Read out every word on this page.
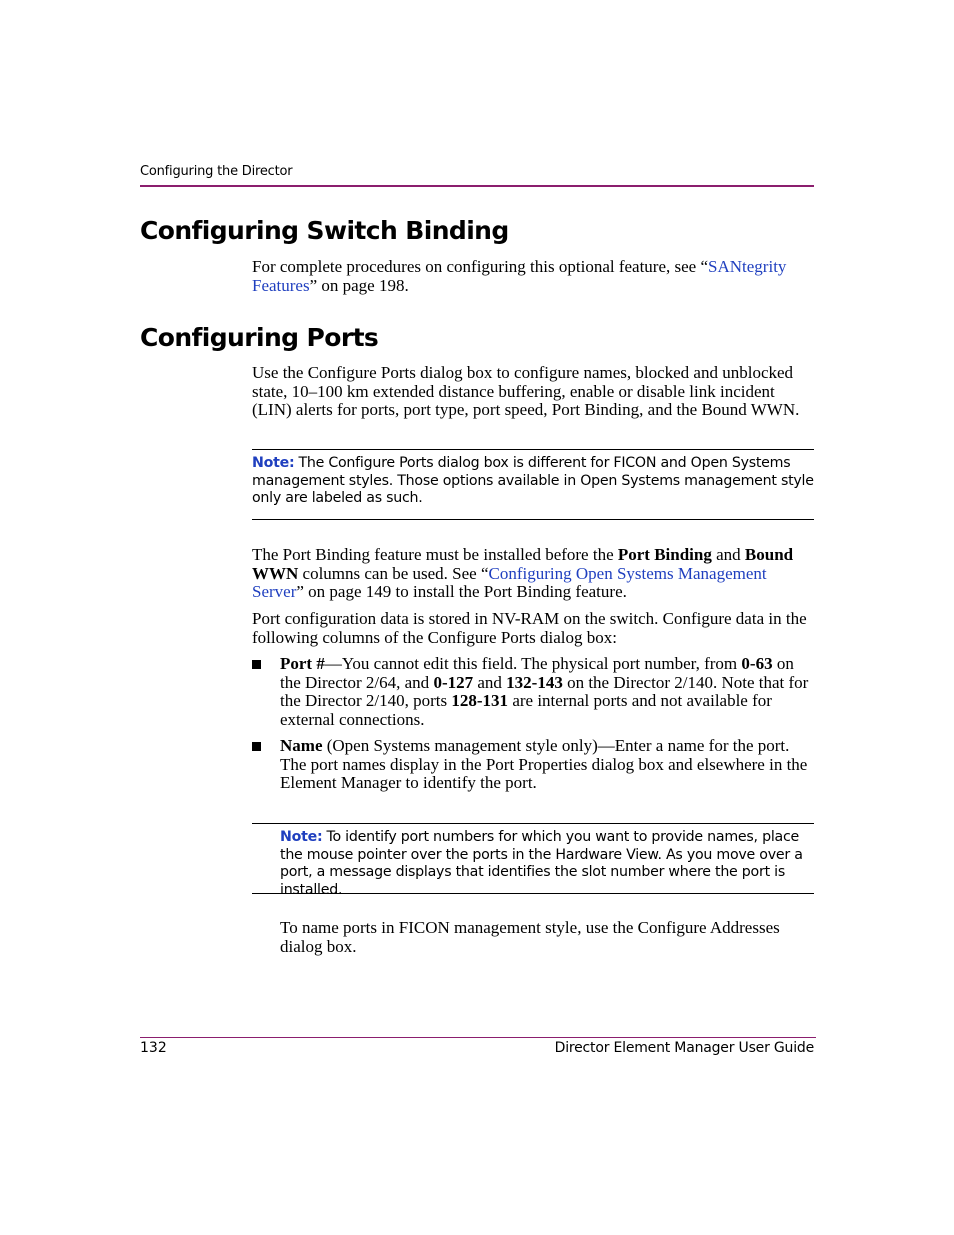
Configuring the Director
Configuring Switch Binding
For complete procedures on configuring this optional feature, see “SANtegrity Features” on page 198.
Configuring Ports
Use the Configure Ports dialog box to configure names, blocked and unblocked state, 10–100 km extended distance buffering, enable or disable link incident (LIN) alerts for ports, port type, port speed, Port Binding, and the Bound WWN.
Note: The Configure Ports dialog box is different for FICON and Open Systems management styles. Those options available in Open Systems management style only are labeled as such.
The Port Binding feature must be installed before the Port Binding and Bound WWN columns can be used. See “Configuring Open Systems Management Server” on page 149 to install the Port Binding feature.
Port configuration data is stored in NV-RAM on the switch. Configure data in the following columns of the Configure Ports dialog box:
Port #—You cannot edit this field. The physical port number, from 0-63 on the Director 2/64, and 0-127 and 132-143 on the Director 2/140. Note that for the Director 2/140, ports 128-131 are internal ports and not available for external connections.
Name (Open Systems management style only)—Enter a name for the port. The port names display in the Port Properties dialog box and elsewhere in the Element Manager to identify the port.
Note: To identify port numbers for which you want to provide names, place the mouse pointer over the ports in the Hardware View. As you move over a port, a message displays that identifies the slot number where the port is installed.
To name ports in FICON management style, use the Configure Addresses dialog box.
132	Director Element Manager User Guide
